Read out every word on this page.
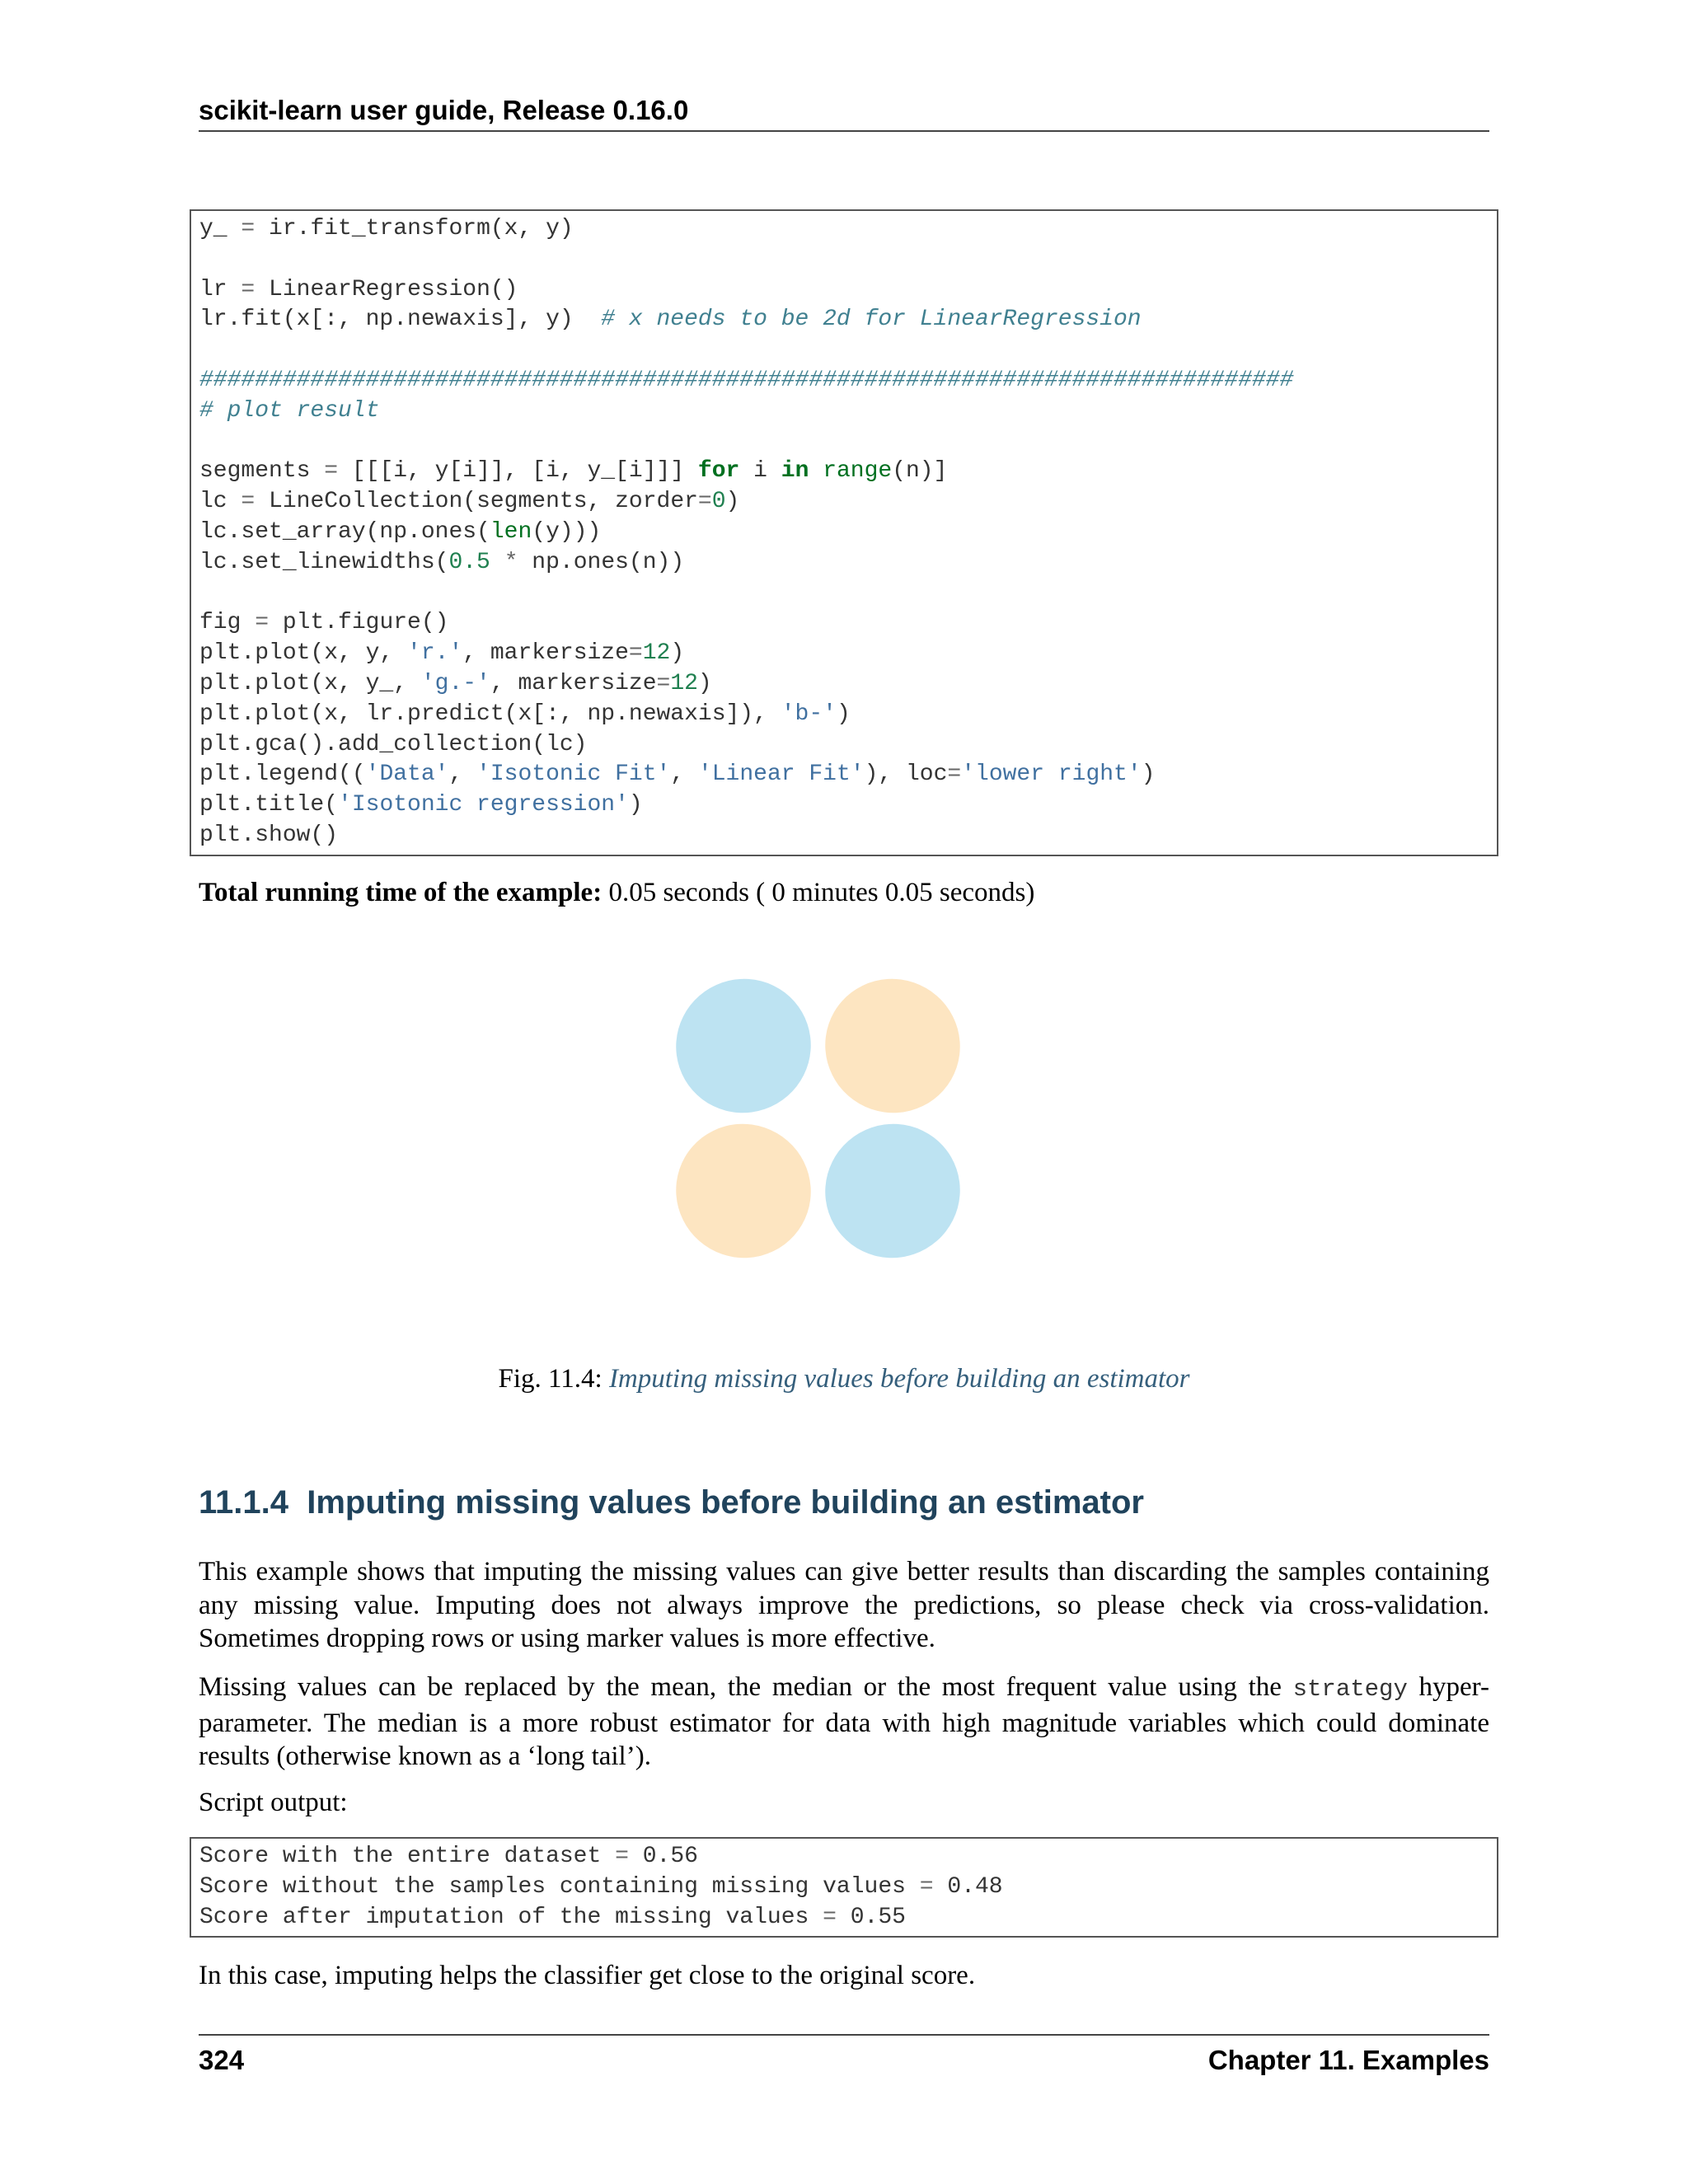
scikit-learn user guide, Release 0.16.0
y_ = ir.fit_transform(x, y)

lr = LinearRegression()
lr.fit(x[:, np.newaxis], y)  # x needs to be 2d for LinearRegression

###############################################################################
# plot result

segments = [[[i, y[i]], [i, y_[i]]] for i in range(n)]
lc = LineCollection(segments, zorder=0)
lc.set_array(np.ones(len(y)))
lc.set_linewidths(0.5 * np.ones(n))

fig = plt.figure()
plt.plot(x, y, 'r.', markersize=12)
plt.plot(x, y_, 'g.-', markersize=12)
plt.plot(x, lr.predict(x[:, np.newaxis]), 'b-')
plt.gca().add_collection(lc)
plt.legend(('Data', 'Isotonic Fit', 'Linear Fit'), loc='lower right')
plt.title('Isotonic regression')
plt.show()
Total running time of the example: 0.05 seconds ( 0 minutes 0.05 seconds)
Fig. 11.4: Imputing missing values before building an estimator
11.1.4 Imputing missing values before building an estimator
This example shows that imputing the missing values can give better results than discarding the samples containing any missing value. Imputing does not always improve the predictions, so please check via cross-validation. Sometimes dropping rows or using marker values is more effective.
Missing values can be replaced by the mean, the median or the most frequent value using the strategy hyper-parameter. The median is a more robust estimator for data with high magnitude variables which could dominate results (otherwise known as a ‘long tail’).
Script output:
Score with the entire dataset = 0.56
Score without the samples containing missing values = 0.48
Score after imputation of the missing values = 0.55
In this case, imputing helps the classifier get close to the original score.
324	Chapter 11. Examples
